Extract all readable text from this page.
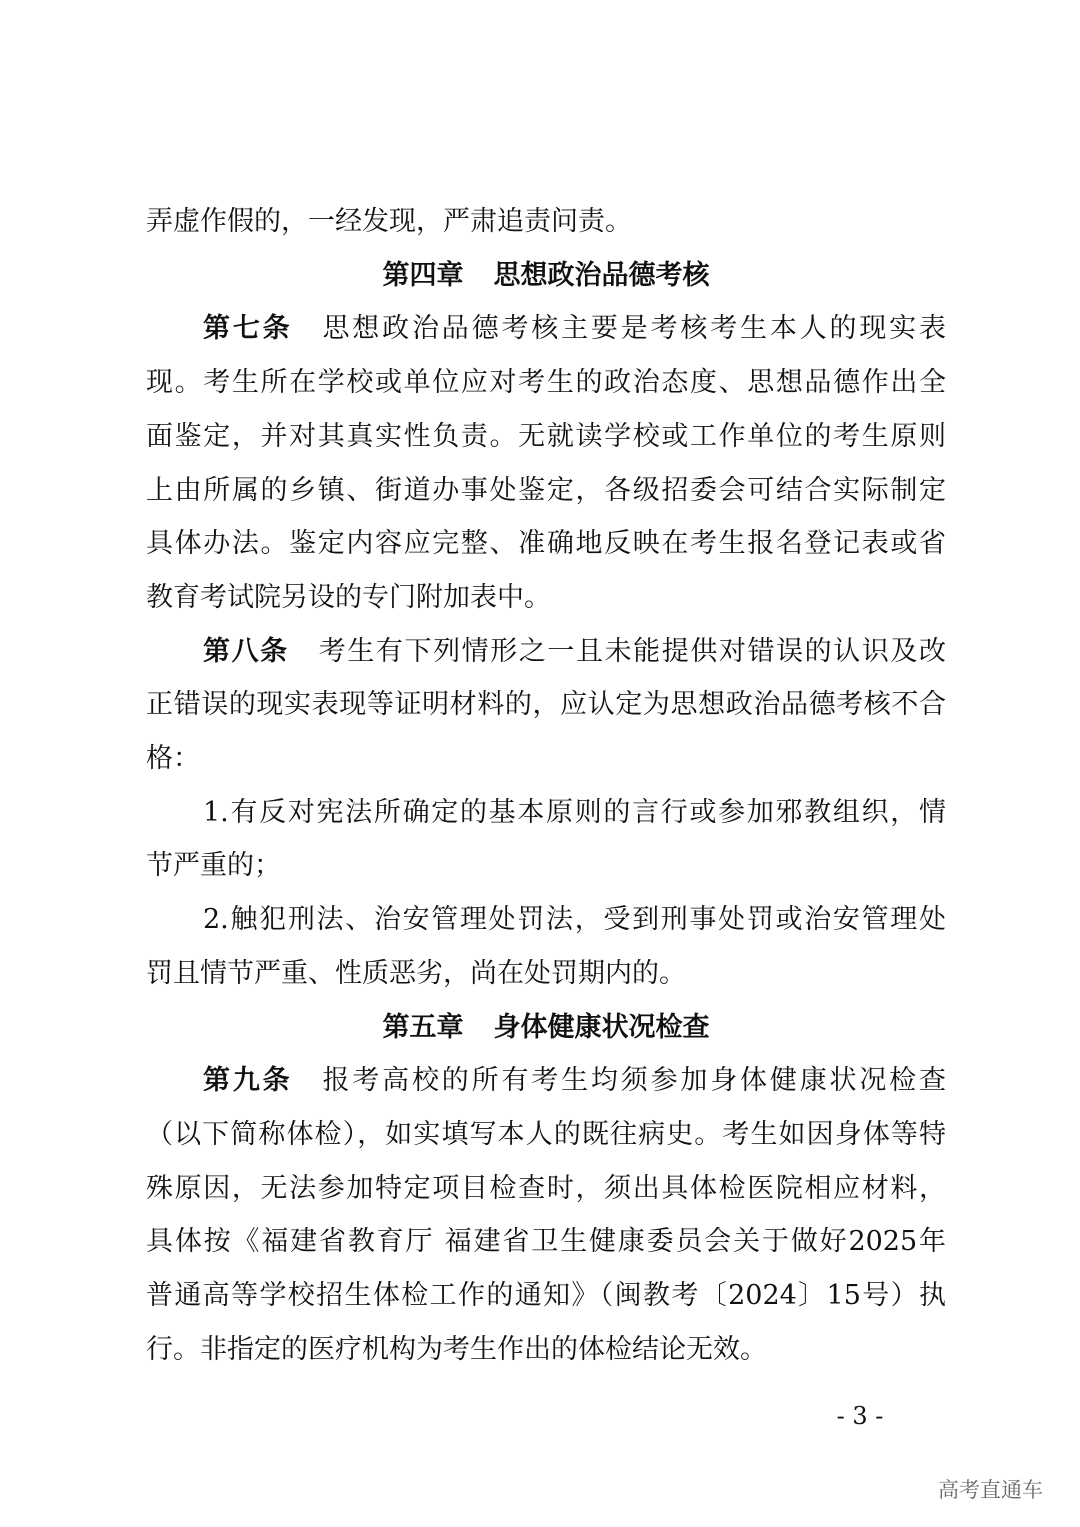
弄虚作假的，一经发现，严肃追责问责。
第四章 思想政治品德考核
第七条 思想政治品德考核主要是考核考生本人的现实表
现。考生所在学校或单位应对考生的政治态度、思想品德作出全
面鉴定，并对其真实性负责。无就读学校或工作单位的考生原则
上由所属的乡镇、街道办事处鉴定，各级招委会可结合实际制定
具体办法。鉴定内容应完整、准确地反映在考生报名登记表或省
教育考试院另设的专门附加表中。
第八条 考生有下列情形之一且未能提供对错误的认识及改
正错误的现实表现等证明材料的，应认定为思想政治品德考核不合
格：
1.有反对宪法所确定的基本原则的言行或参加邪教组织，情
节严重的；
2.触犯刑法、治安管理处罚法，受到刑事处罚或治安管理处
罚且情节严重、性质恶劣，尚在处罚期内的。
第五章 身体健康状况检查
第九条 报考高校的所有考生均须参加身体健康状况检查
（以下简称体检），如实填写本人的既往病史。考生如因身体等特
殊原因，无法参加特定项目检查时，须出具体检医院相应材料，
具体按《福建省教育厅 福建省卫生健康委员会关于做好2025年
普通高等学校招生体检工作的通知》（闽教考〔2024〕15号）执
行。非指定的医疗机构为考生作出的体检结论无效。
- 3 -
高考直通车
